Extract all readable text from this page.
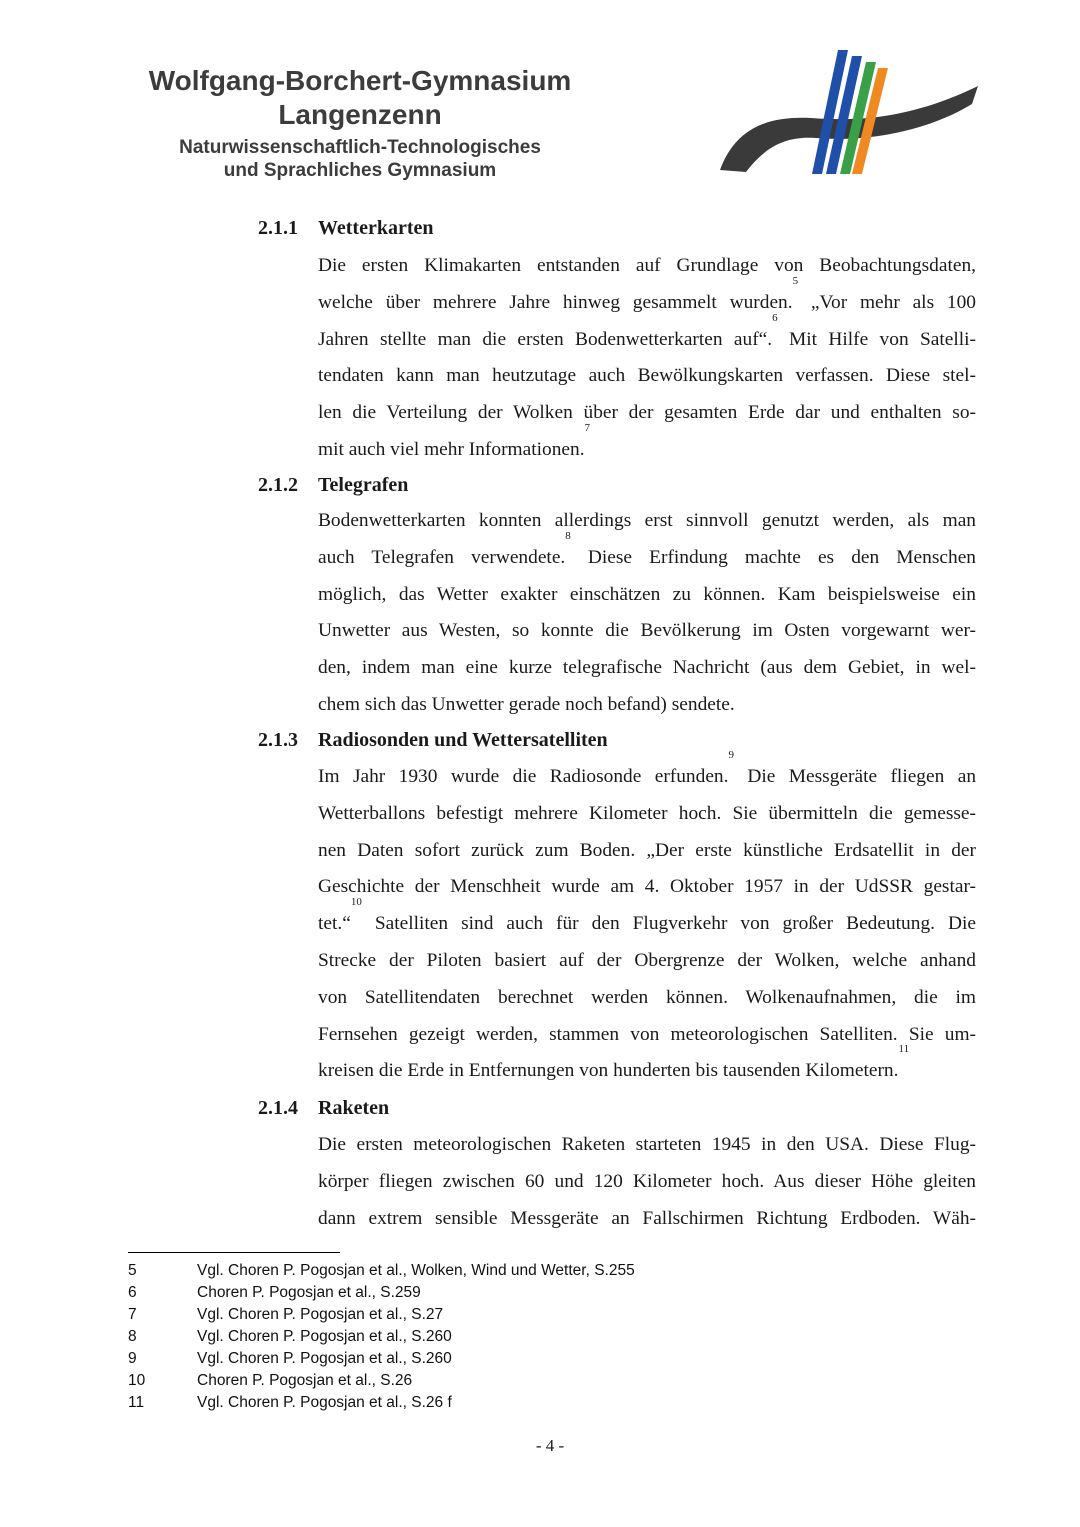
Wolfgang-Borchert-Gymnasium
Langenzenn
Naturwissenschaftlich-Technologisches
und Sprachliches Gymnasium
2.1.1 Wetterkarten
Die ersten Klimakarten entstanden auf Grundlage von Beobachtungsdaten,
welche über mehrere Jahre hinweg gesammelt wurden.$^5$ „Vor mehr als 100
Jahren stellte man die ersten Bodenwetterkarten auf“.$^6$ Mit Hilfe von Satelli-
tendaten kann man heutzutage auch Bewölkungskarten verfassen. Diese stel-
len die Verteilung der Wolken über der gesamten Erde dar und enthalten so-
mit auch viel mehr Informationen.$^7$
2.1.2 Telegrafen
Bodenwetterkarten konnten allerdings erst sinnvoll genutzt werden, als man
auch Telegrafen verwendete.$^8$ Diese Erfindung machte es den Menschen
möglich, das Wetter exakter einschätzen zu können. Kam beispielsweise ein
Unwetter aus Westen, so konnte die Bevölkerung im Osten vorgewarnt wer-
den, indem man eine kurze telegrafische Nachricht (aus dem Gebiet, in wel-
chem sich das Unwetter gerade noch befand) sendete.
2.1.3 Radiosonden und Wettersatelliten
Im Jahr 1930 wurde die Radiosonde erfunden.$^9$ Die Messgeräte fliegen an
Wetterballons befestigt mehrere Kilometer hoch. Sie übermitteln die gemesse-
nen Daten sofort zurück zum Boden. „Der erste künstliche Erdsatellit in der
Geschichte der Menschheit wurde am 4. Oktober 1957 in der UdSSR gestar-
tet.“$^{10}$ Satelliten sind auch für den Flugverkehr von großer Bedeutung. Die
Strecke der Piloten basiert auf der Obergrenze der Wolken, welche anhand
von Satellitendaten berechnet werden können. Wolkenaufnahmen, die im
Fernsehen gezeigt werden, stammen von meteorologischen Satelliten. Sie um-
kreisen die Erde in Entfernungen von hunderten bis tausenden Kilometern.$^{11}$
2.1.4 Raketen
Die ersten meteorologischen Raketen starteten 1945 in den USA. Diese Flug-
körper fliegen zwischen 60 und 120 Kilometer hoch. Aus dieser Höhe gleiten
dann extrem sensible Messgeräte an Fallschirmen Richtung Erdboden. Wäh-
5	Vgl. Choren P. Pogosjan et al., Wolken, Wind und Wetter, S.255
6	Choren P. Pogosjan et al., S.259
7	Vgl. Choren P. Pogosjan et al., S.27
8	Vgl. Choren P. Pogosjan et al., S.260
9	Vgl. Choren P. Pogosjan et al., S.260
10	Choren P. Pogosjan et al., S.26
11	Vgl. Choren P. Pogosjan et al., S.26 f
- 4 -
